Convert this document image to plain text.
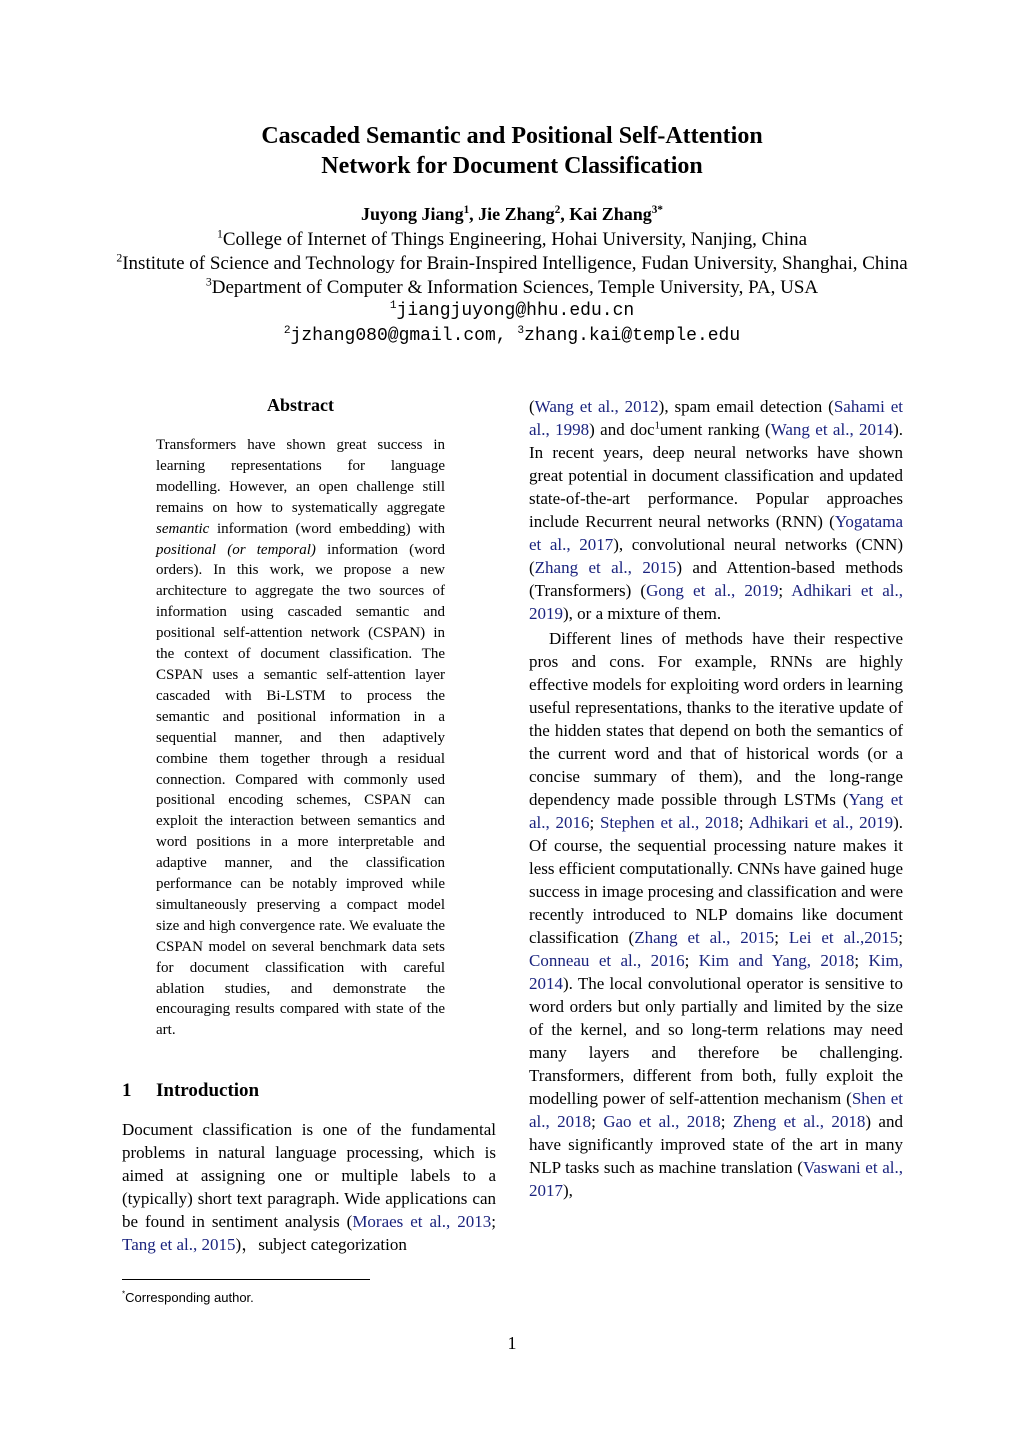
Cascaded Semantic and Positional Self-Attention
Network for Document Classification
Juyong Jiang$^1$, Jie Zhang$^2$, Kai Zhang$^{3*}$
$^1$College of Internet of Things Engineering, Hohai University, Nanjing, China
$^2$Institute of Science and Technology for Brain-Inspired Intelligence, Fudan University, Shanghai, China
$^3$Department of Computer & Information Sciences, Temple University, PA, USA
$^1$jiangjuyong@hhu.edu.cn
$^2$jzhang080@gmail.com, $^3$zhang.kai@temple.edu
Abstract

Transformers have shown great success in learning representations for language modelling. However, an open challenge still remains on how to systematically aggregate semantic information (word embedding) with positional (or temporal) information (word orders). In this work, we propose a new architecture to aggregate the two sources of information using cascaded semantic and positional self-attention network (CSPAN) in the context of document classification. The CSPAN uses a semantic self-attention layer cascaded with Bi-LSTM to process the semantic and positional information in a sequential manner, and then adaptively combine them together through a residual connection. Compared with commonly used positional encoding schemes, CSPAN can exploit the interaction between semantics and word positions in a more interpretable and adaptive manner, and the classification performance can be notably improved while simultaneously preserving a compact model size and high convergence rate. We evaluate the CSPAN model on several benchmark data sets for document classification with careful ablation studies, and demonstrate the encouraging results compared with state of the art.

1 Introduction

Document classification is one of the fundamental problems in natural language processing, which is aimed at assigning one or multiple labels to a (typically) short text paragraph. Wide applications can be found in sentiment analysis (Moraes et al., 2013; Tang et al., 2015)，subject categorization

(Wang et al., 2012), spam email detection (Sahami et al., 1998) and doc$^1$ument ranking (Wang et al., 2014). In recent years, deep neural networks have shown great potential in document classification and updated state-of-the-art performance. Popular approaches include Recurrent neural networks (RNN) (Yogatama et al., 2017), convolutional neural networks (CNN) (Zhang et al., 2015) and Attention-based methods (Transformers) (Gong et al., 2019; Adhikari et al., 2019), or a mixture of them.

Different lines of methods have their respective pros and cons. For example, RNNs are highly effective models for exploiting word orders in learning useful representations, thanks to the iterative update of the hidden states that depend on both the semantics of the current word and that of historical words (or a concise summary of them), and the long-range dependency made possible through LSTMs (Yang et al., 2016; Stephen et al., 2018; Adhikari et al., 2019). Of course, the sequential processing nature makes it less efficient computationally. CNNs have gained huge success in image procesing and classification and were recently introduced to NLP domains like document classification (Zhang et al., 2015; Lei et al.,2015; Conneau et al., 2016; Kim and Yang, 2018; Kim, 2014). The local convolutional operator is sensitive to word orders but only partially and limited by the size of the kernel, and so long-term relations may need many layers and therefore be challenging. Transformers, different from both, fully exploit the modelling power of self-attention mechanism (Shen et al., 2018; Gao et al., 2018; Zheng et al., 2018) and have significantly improved state of the art in many NLP tasks such as machine translation (Vaswani et al., 2017),

*Corresponding author.
1
